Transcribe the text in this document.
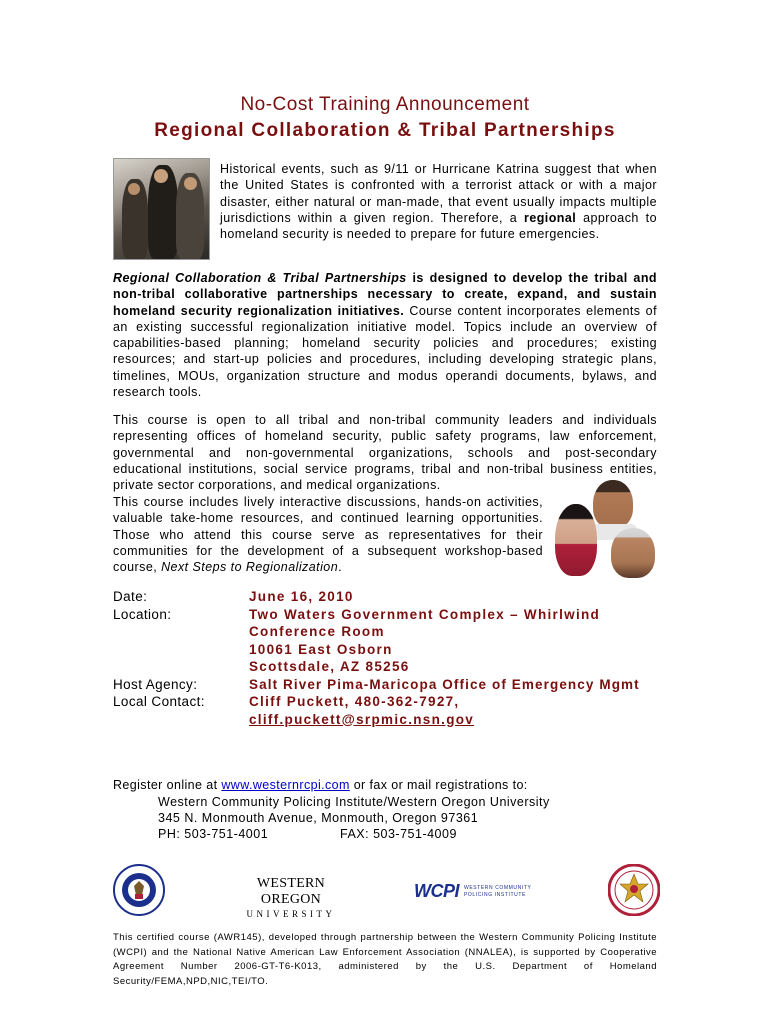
No-Cost Training Announcement
Regional Collaboration & Tribal Partnerships
Historical events, such as 9/11 or Hurricane Katrina suggest that when the United States is confronted with a terrorist attack or with a major disaster, either natural or man-made, that event usually impacts multiple jurisdictions within a given region. Therefore, a regional approach to homeland security is needed to prepare for future emergencies.
Regional Collaboration & Tribal Partnerships is designed to develop the tribal and non-tribal collaborative partnerships necessary to create, expand, and sustain homeland security regionalization initiatives. Course content incorporates elements of an existing successful regionalization initiative model. Topics include an overview of capabilities-based planning; homeland security policies and procedures; existing resources; and start-up policies and procedures, including developing strategic plans, timelines, MOUs, organization structure and modus operandi documents, bylaws, and research tools.
This course is open to all tribal and non-tribal community leaders and individuals representing offices of homeland security, public safety programs, law enforcement, governmental and non-governmental organizations, schools and post-secondary educational institutions, social service programs, tribal and non-tribal business entities, private sector corporations, and medical organizations.
This course includes lively interactive discussions, hands-on activities, valuable take-home resources, and continued learning opportunities. Those who attend this course serve as representatives for their communities for the development of a subsequent workshop-based course, Next Steps to Regionalization.
Date:	June 16, 2010
Location:	Two Waters Government Complex – Whirlwind
Conference Room
10061 East Osborn
Scottsdale, AZ 85256
Host Agency:	Salt River Pima-Maricopa Office of Emergency Mgmt
Local Contact:	Cliff Puckett, 480-362-7927,
cliff.puckett@srpmic.nsn.gov
Register online at www.westernrcpi.com or fax or mail registrations to:
Western Community Policing Institute/Western Oregon University
345 N. Monmouth Avenue, Monmouth, Oregon 97361
PH: 503-751-4001	FAX: 503-751-4009
WESTERN OREGON
UNIVERSITY
WCPI WESTERN COMMUNITY
POLICING INSTITUTE
This certified course (AWR145), developed through partnership between the Western Community Policing Institute (WCPI) and the National Native American Law Enforcement Association (NNALEA), is supported by Cooperative Agreement Number 2006-GT-T6-K013, administered by the U.S. Department of Homeland Security/FEMA,NPD,NIC,TEI/TO.
